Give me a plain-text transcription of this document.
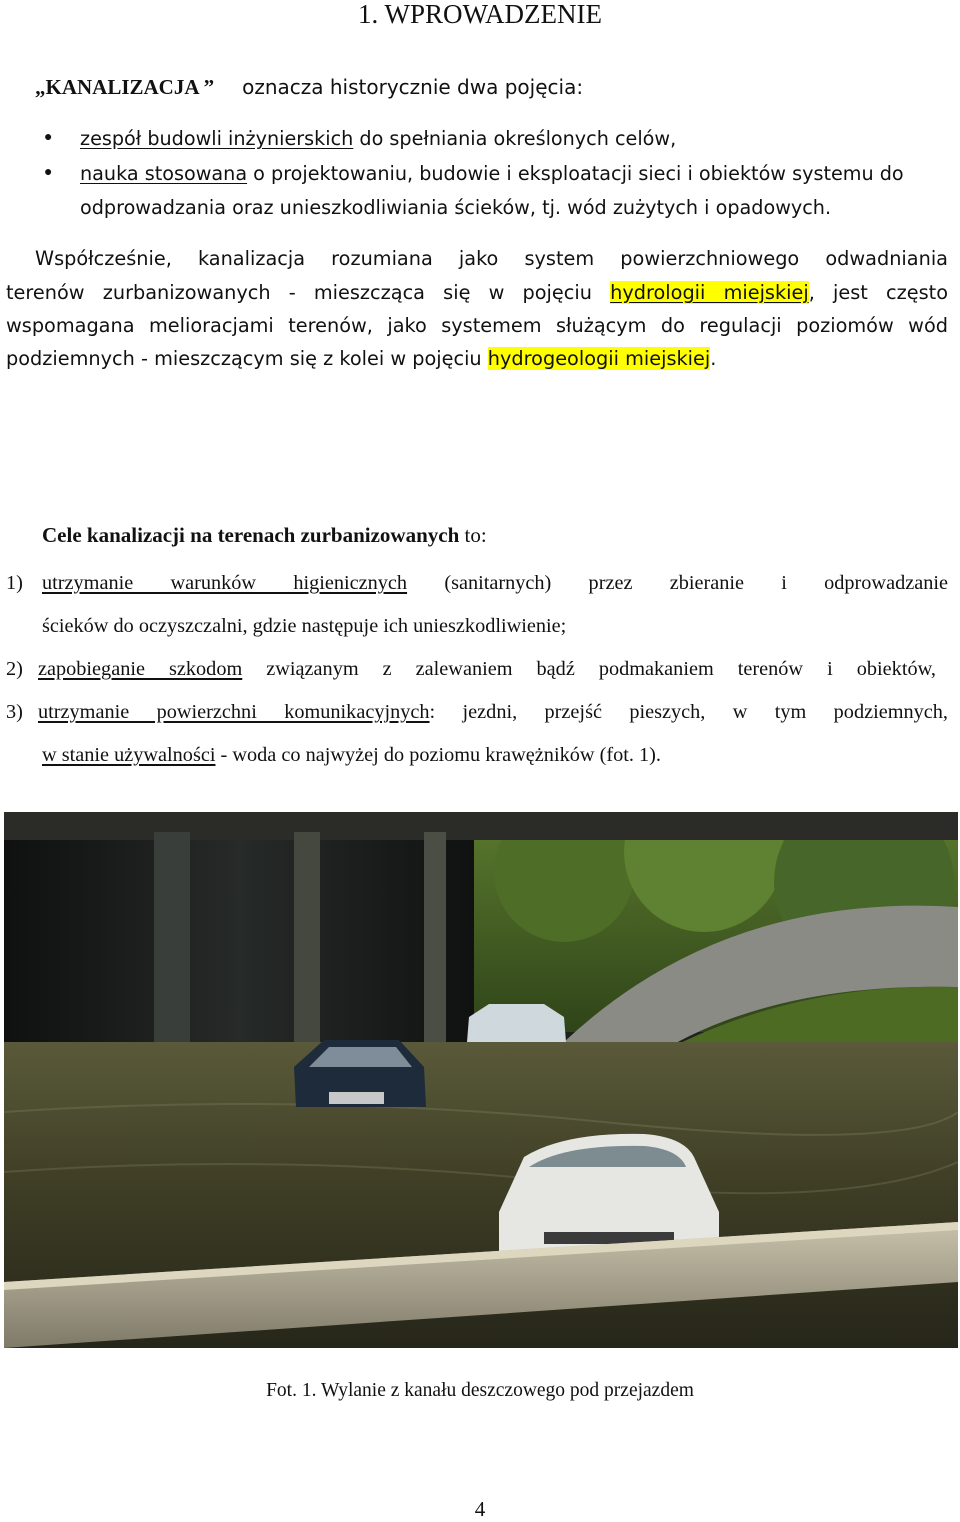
1. WPROWADZENIE
„KANALIZACJA ” oznacza historycznie dwa pojęcia:
● zespół budowli inżynierskich do spełniania określonych celów,
● nauka stosowana o projektowaniu, budowie i eksploatacji sieci i obiektów systemu do
odprowadzania oraz unieszkodliwiania ścieków, tj. wód zużytych i opadowych.
Współcześnie, kanalizacja rozumiana jako system powierzchniowego odwadniania
terenów zurbanizowanych - mieszcząca się w pojęciu hydrologii miejskiej, jest często
wspomagana melioracjami terenów, jako systemem służącym do regulacji poziomów wód
podziemnych - mieszczącym się z kolei w pojęciu hydrogeologii miejskiej.
Cele kanalizacji na terenach zurbanizowanych to:
1) utrzymanie warunków higienicznych (sanitarnych) przez zbieranie i odprowadzanie
ścieków do oczyszczalni, gdzie następuje ich unieszkodliwienie;
2) zapobieganie szkodom związanym z zalewaniem bądź podmakaniem terenów i obiektów,
3) utrzymanie powierzchni komunikacyjnych: jezdni, przejść pieszych, w tym podziemnych,
w stanie używalności - woda co najwyżej do poziomu krawężników (fot. 1).
Fot. 1. Wylanie z kanału deszczowego pod przejazdem
4
